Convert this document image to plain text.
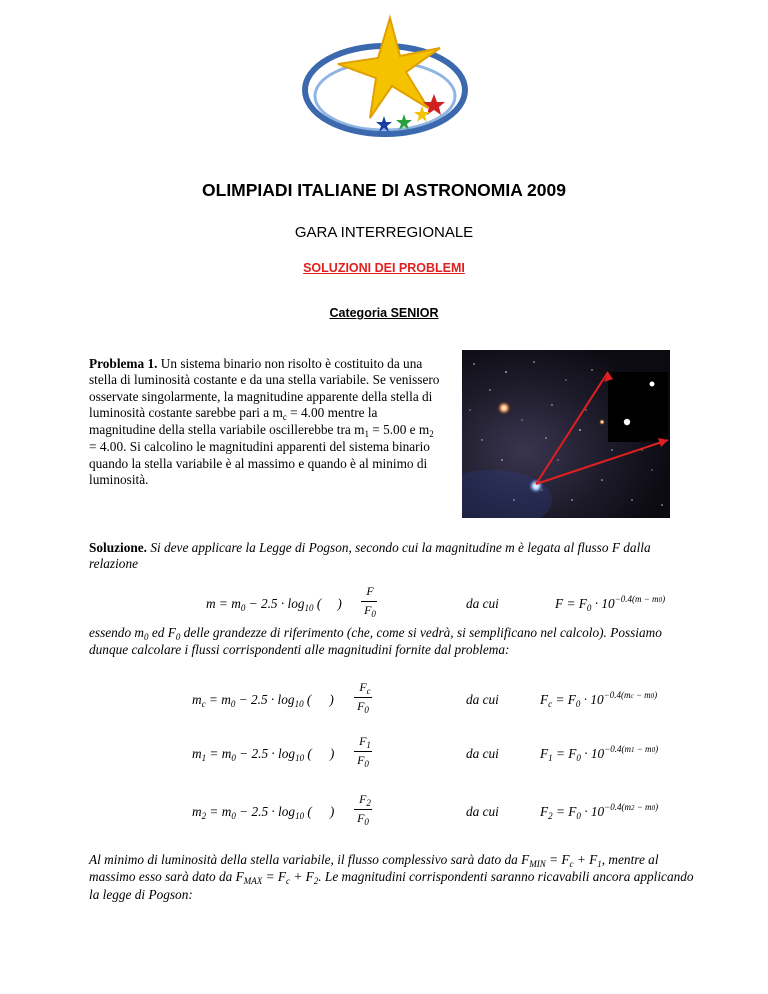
OLIMPIADI ITALIANE DI ASTRONOMIA 2009
GARA INTERREGIONALE
SOLUZIONI DEI PROBLEMI
Categoria SENIOR
Problema 1. Un sistema binario non risolto è costituito da una stella di luminosità costante e da una stella variabile. Se venissero osservate singolarmente, la magnitudine apparente della stella di luminosità costante sarebbe pari a $m_c = 4.00$ mentre la magnitudine della stella variabile oscillerebbe tra $m_1 = 5.00$ e $m_2 = 4.00$. Si calcolino le magnitudini apparenti del sistema binario quando la stella variabile è al massimo e quando è al minimo di luminosità.
Soluzione. Si deve applicare la Legge di Pogson, secondo cui la magnitudine m è legata al flusso F dalla relazione
$m = m_0 - 2.5 \cdot \log_{10}$ ( )
F
$F_0$
da cui	$F = F_0 \cdot 10^{-0.4(m - m0)}$
essendo $m_0$ ed $F_0$ delle grandezze di riferimento (che, come si vedrà, si semplificano nel calcolo). Possiamo dunque calcolare i flussi corrispondenti alle magnitudini fornite dal problema:
$m_c = m_0 - 2.5 \cdot \log_{10}$ ( )
$F_c$
$F_0$
da cui	$F_c = F_0 \cdot 10^{-0.4(mc - m0)}$
$m_1 = m_0 - 2.5 \cdot \log_{10}$ ( )
$F_1$
$F_0$
da cui	$F_1 = F_0 \cdot 10^{-0.4(m1 - m0)}$
$m_2 = m_0 - 2.5 \cdot \log_{10}$ ( )
$F_2$
$F_0$
da cui	$F_2 = F_0 \cdot 10^{-0.4(m2 - m0)}$
Al minimo di luminosità della stella variabile, il flusso complessivo sarà dato da $F_{MIN} = F_c + F_1$, mentre al massimo esso sarà dato da $F_{MAX} = F_c + F_2$. Le magnitudini corrispondenti saranno ricavabili ancora applicando la legge di Pogson:
